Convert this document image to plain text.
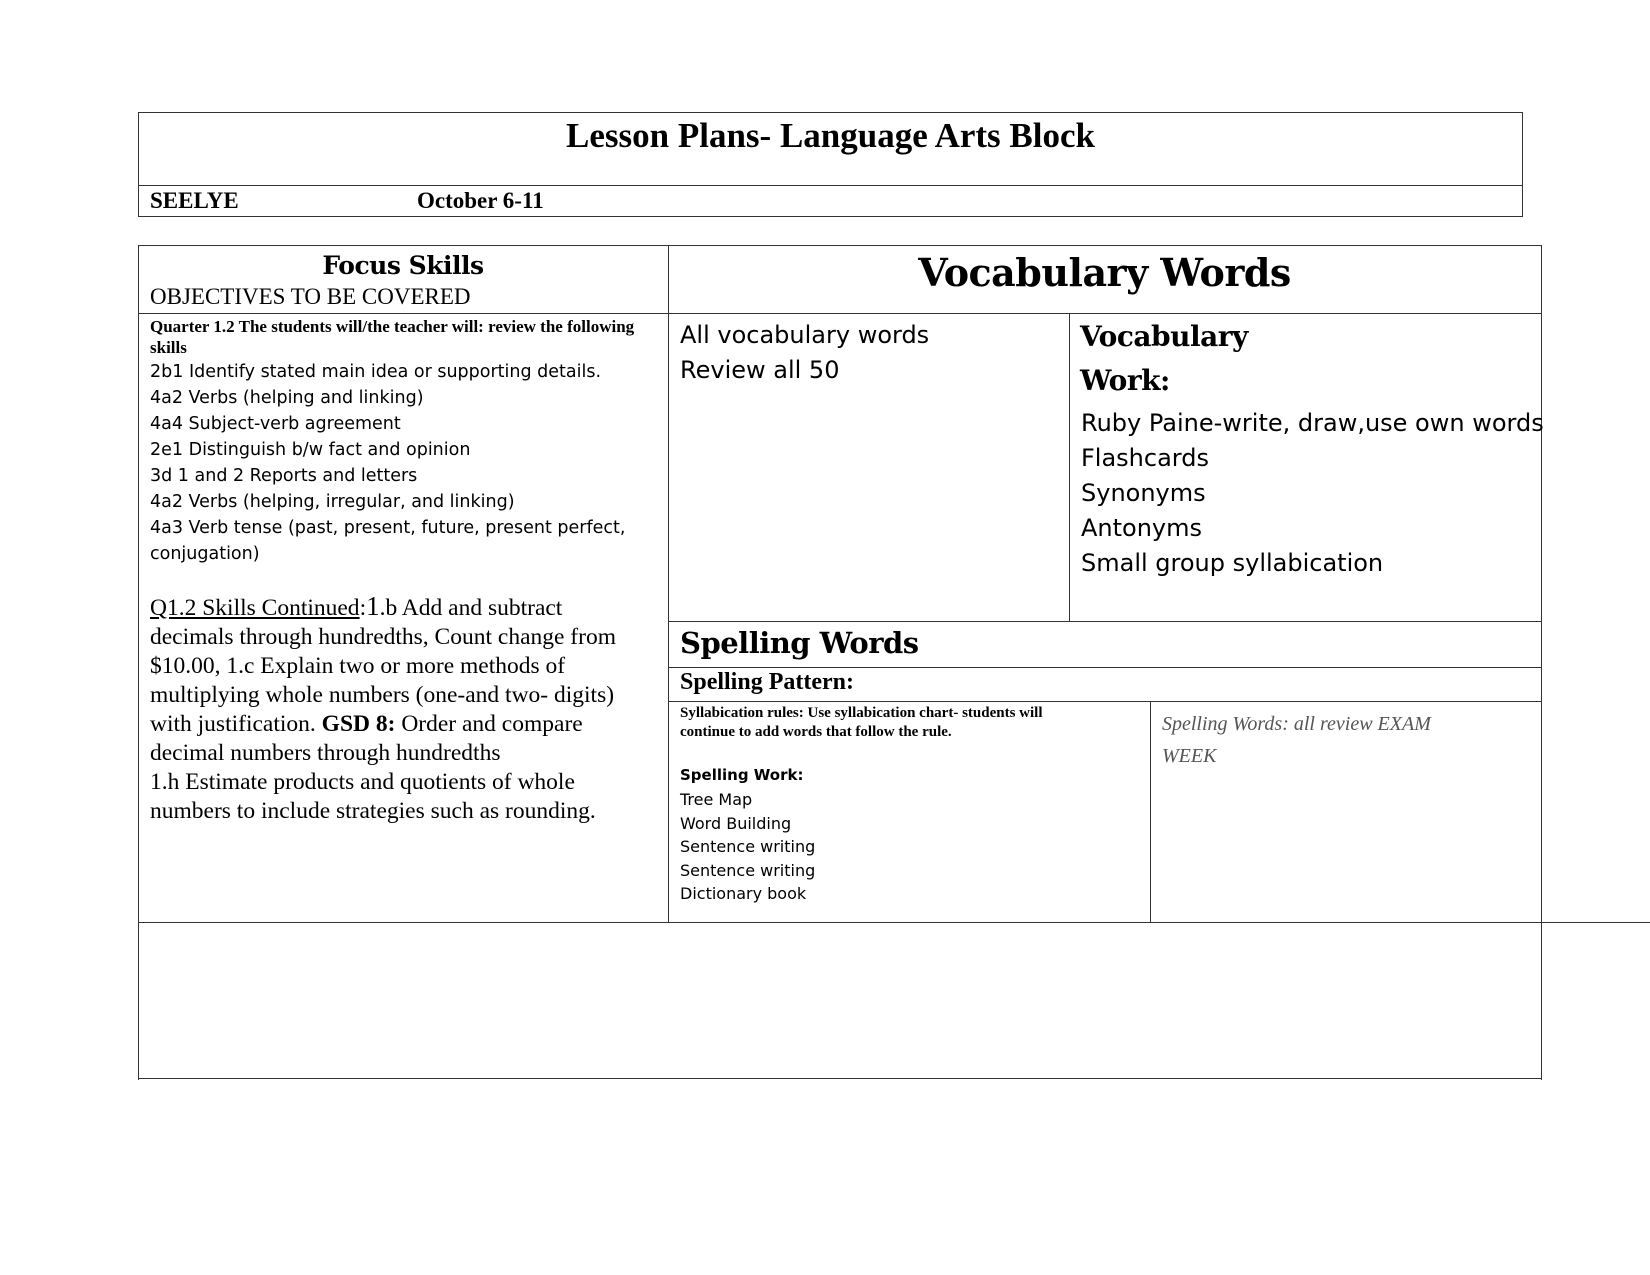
Lesson Plans- Language Arts Block
SEELYE	October 6-11
Focus Skills
OBJECTIVES TO BE COVERED
Quarter 1.2 The students will/the teacher will: review the following skills
2b1 Identify stated main idea or supporting details.
4a2 Verbs (helping and linking)
4a4 Subject-verb agreement
2e1 Distinguish b/w fact and opinion
3d 1 and 2 Reports and letters
4a2 Verbs (helping, irregular, and linking)
4a3 Verb tense (past, present, future, present perfect,
conjugation)
Q1.2 Skills Continued:1.b Add and subtract
decimals through hundredths, Count change from
$10.00, 1.c Explain two or more methods of
multiplying whole numbers (one-and two- digits)
with justification. GSD 8: Order and compare
decimal numbers through hundredths
1.h Estimate products and quotients of whole
numbers to include strategies such as rounding.
Vocabulary Words
All vocabulary words
Review all 50
Vocabulary
Work:
Ruby Paine-write, draw,use own words
Flashcards
Synonyms
Antonyms
Small group syllabication
Spelling Words
Spelling Pattern:
Syllabication rules: Use syllabication chart- students will
continue to add words that follow the rule.
Spelling Work:
Tree Map
Word Building
Sentence writing
Sentence writing
Dictionary book
Spelling Words: all review EXAM
WEEK
